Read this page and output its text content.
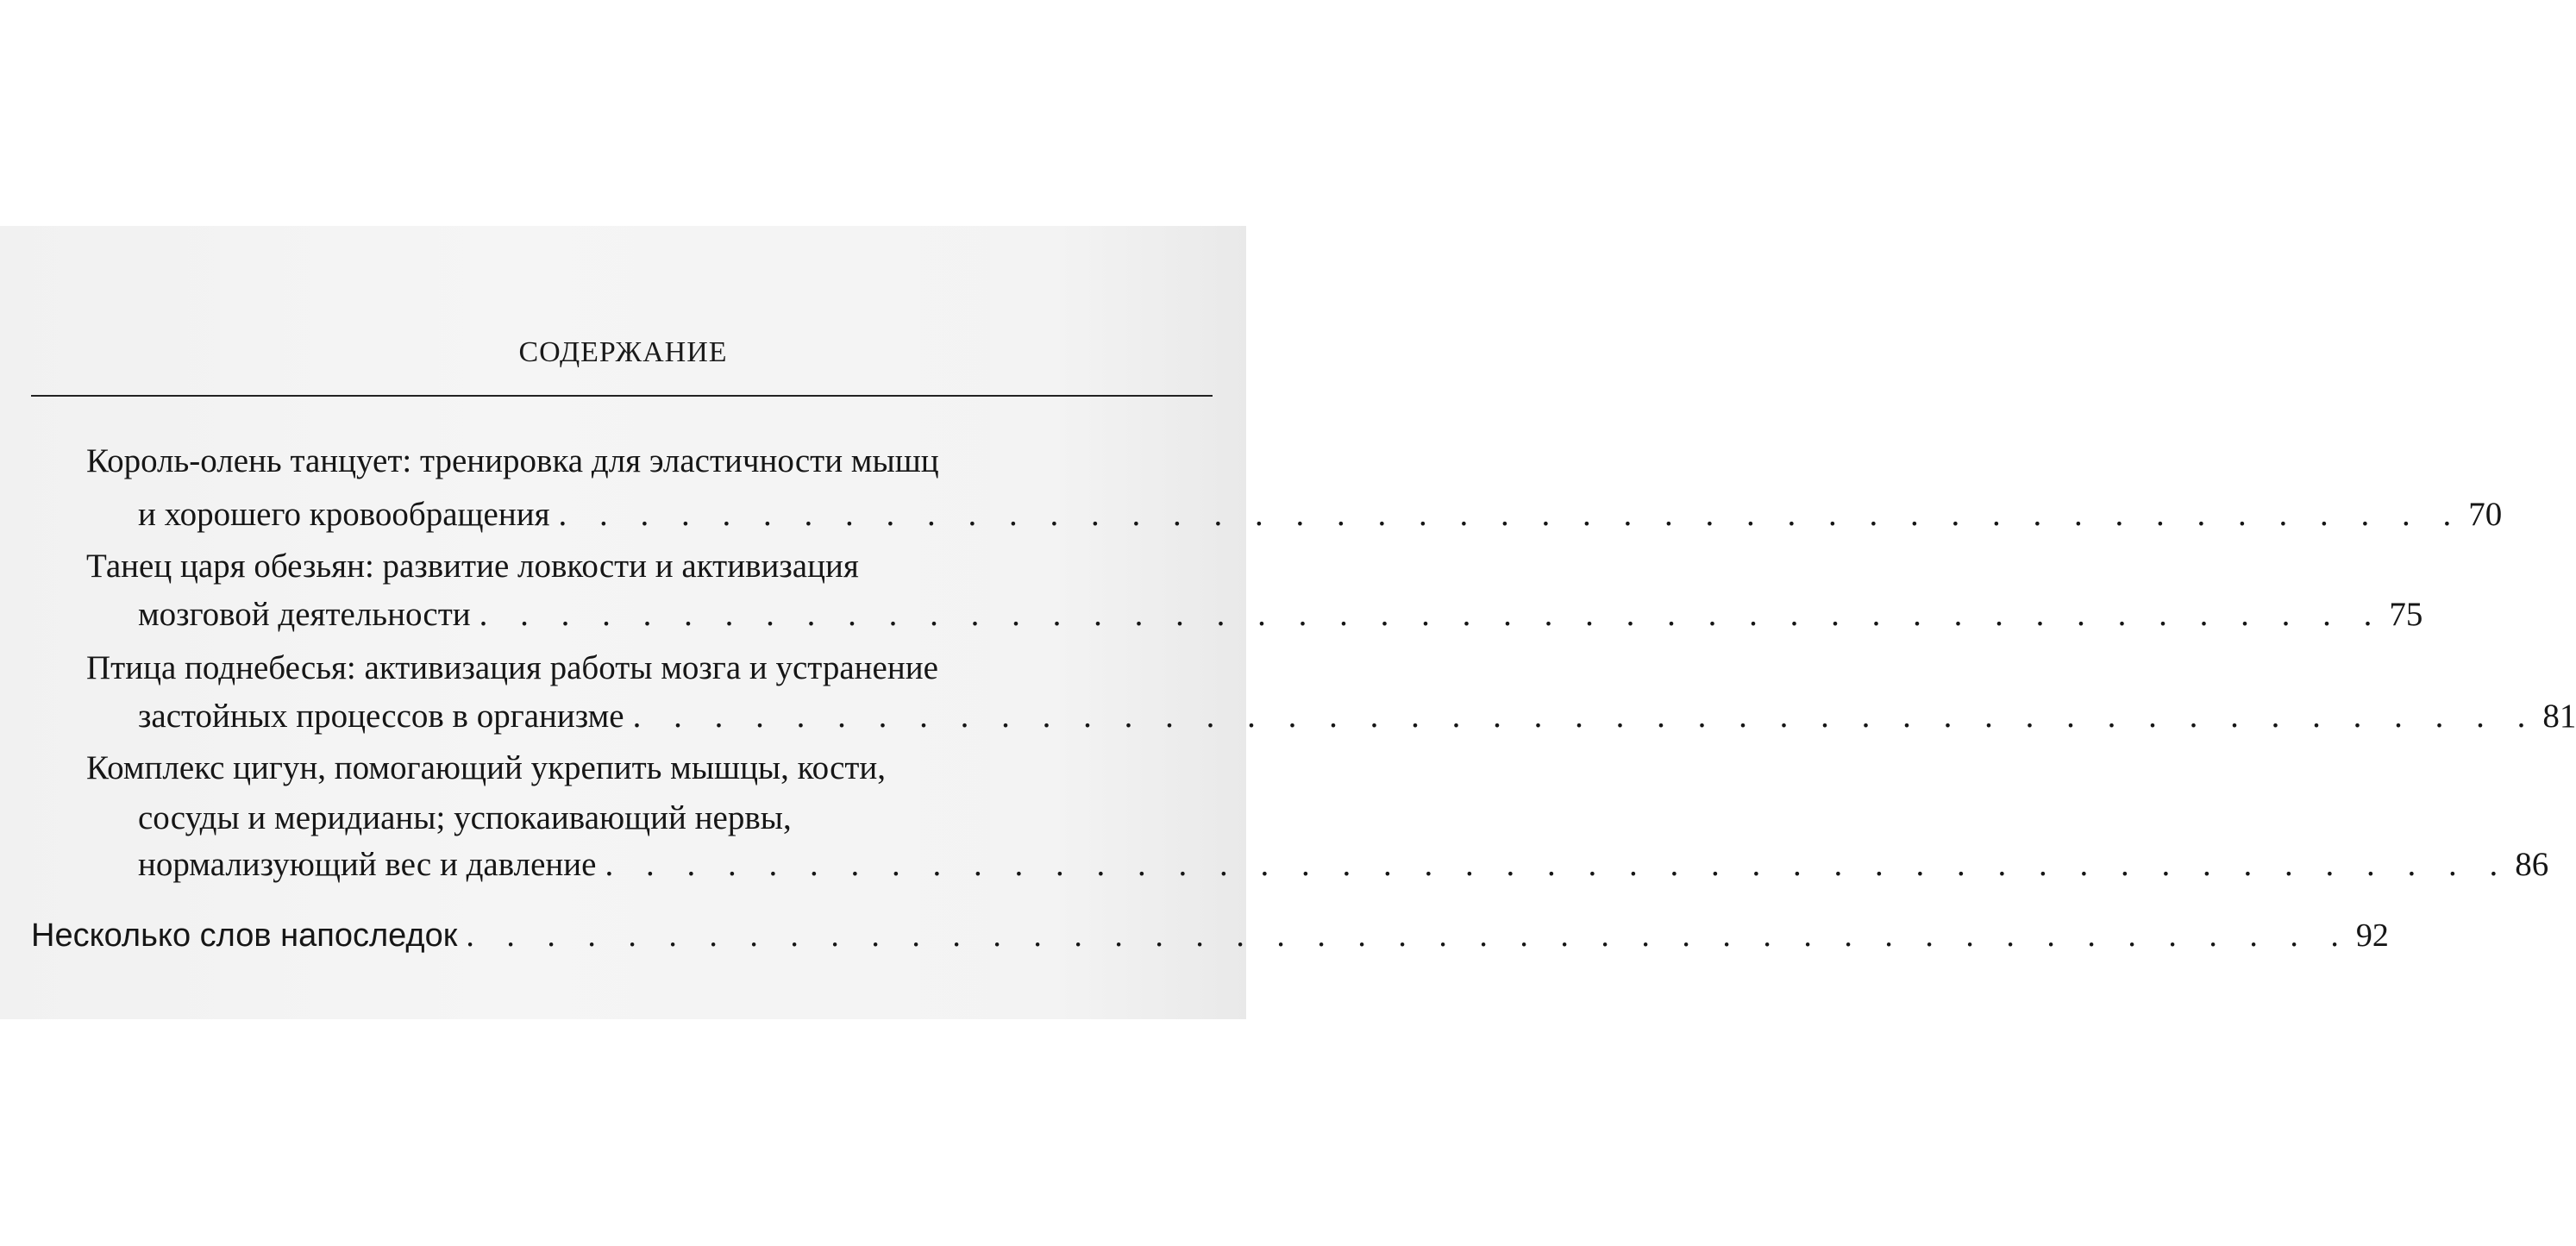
СОДЕРЖАНИЕ
Король-олень танцует: тренировка для эластичности мышц
и хорошего кровообращения . . . . . . . . . . . . . . . . . . . . . . . . . . . . . . . . . . . . . . . . . . . . . . . 70
Танец царя обезьян: развитие ловкости и активизация
мозговой деятельности . . . . . . . . . . . . . . . . . . . . . . . . . . . . . . . . . . . . . . . . . . . . . . . 75
Птица поднебесья: активизация работы мозга и устранение
застойных процессов в организме . . . . . . . . . . . . . . . . . . . . . . . . . . . . . . . . . . . . . . . . . . . . . . . 81
Комплекс цигун, помогающий укрепить мышцы, кости,
сосуды и меридианы; успокаивающий нервы,
нормализующий вес и давление . . . . . . . . . . . . . . . . . . . . . . . . . . . . . . . . . . . . . . . . . . . . . . . 86
Несколько слов напоследок . . . . . . . . . . . . . . . . . . . . . . . . . . . . . . . . . . . . . . . . . . . . . . . 92
